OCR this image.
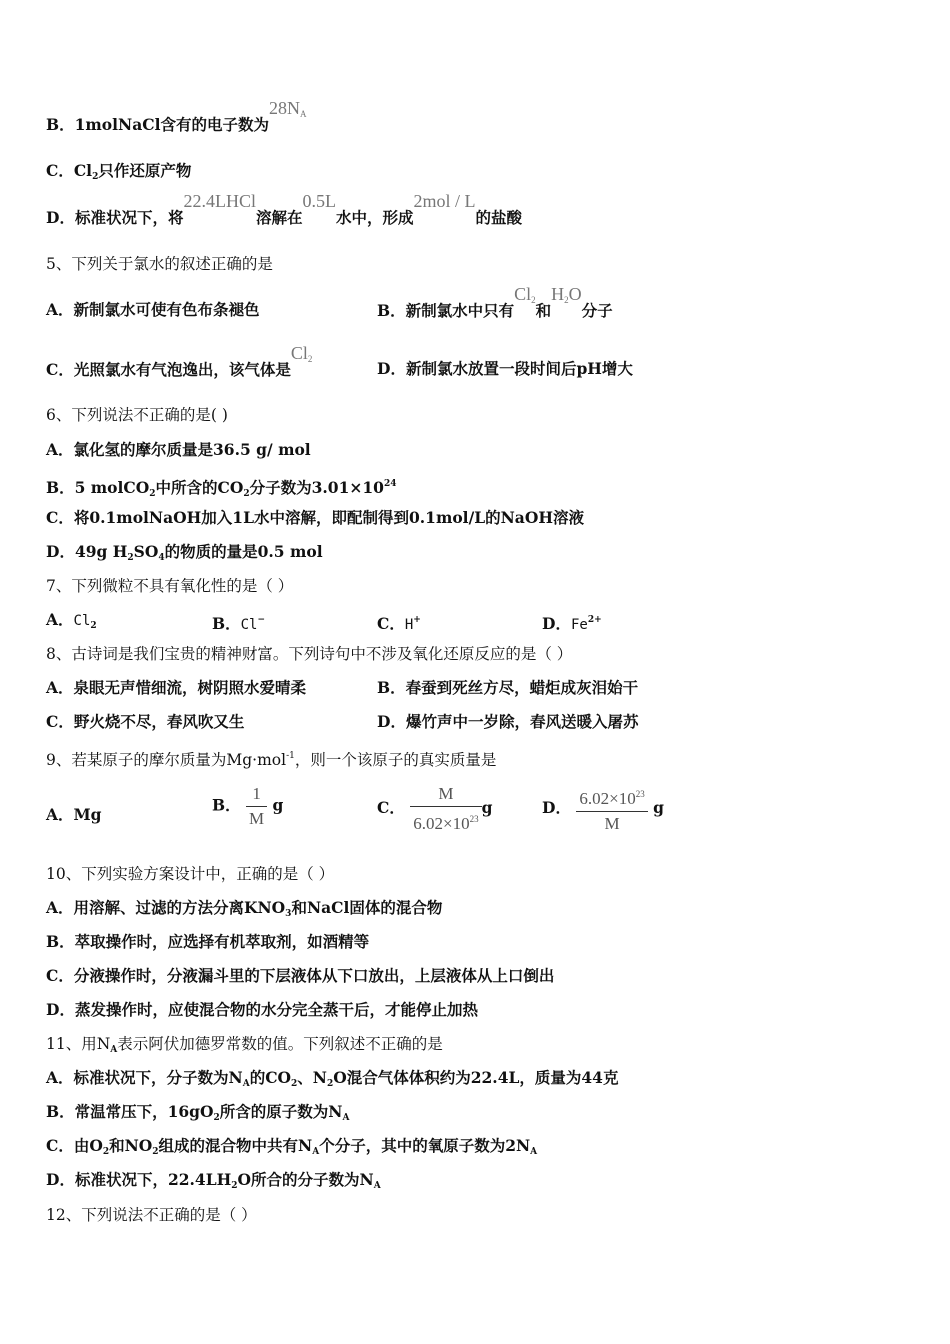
B．1molNaCl含有的电子数为$28N_A$
C．$Cl_2$只作还原产物
D．标准状况下，将22.4LHCl溶解在0.5L水中，形成2mol / L的盐酸
5、下列关于氯水的叙述正确的是
A．新制氯水可使有色布条褪色	B．新制氯水中只有$Cl_2$和$H_2O$分子
C．光照氯水有气泡逸出，该气体是$Cl_2$	D．新制氯水放置一段时间后pH增大
6、下列说法不正确的是( )
A．氯化氢的摩尔质量是36.5 g/ mol
B．5 molCO$_2$中所含的$CO_2$分子数为$3.01\times 10^{24}$
C．将0.1molNaOH加入1L水中溶解，即配制得到0.1mol/L的NaOH溶液
D．49g $H_2SO_4$的物质的量是0.5 mol
7、下列微粒不具有氧化性的是（ ）
A．$Cl_2$	B．Cl−	C．H+	D．$Fe^{2+}$
8、古诗词是我们宝贵的精神财富。下列诗句中不涉及氧化还原反应的是（ ）
A．泉眼无声惜细流，树阴照水爱晴柔	B．春蚕到死丝方尽，蜡炬成灰泪始干
C．野火烧不尽，春风吹又生	D．爆竹声中一岁除，春风送暖入屠苏
9、若某原子的摩尔质量为Mg·mol$^{-1}$，则一个该原子的真实质量是
A．Mg	B． $\frac{1}{M}$ g	C． $\frac{M}{6.02\times 10^{23}}$ g	D． $\frac{6.02\times 10^{23}}{M}$ g
10、下列实验方案设计中，正确的是（ ）
A．用溶解、过滤的方法分离$KNO_3$和NaCl固体的混合物
B．萃取操作时，应选择有机萃取剂，如酒精等
C．分液操作时，分液漏斗里的下层液体从下口放出，上层液体从上口倒出
D．蒸发操作时，应使混合物的水分完全蒸干后，才能停止加热
11、用$N_A$表示阿伏加德罗常数的值。下列叙述不正确的是
A．标准状况下，分子数为$N_A$的$CO_2$、$N_2O$混合气体体积约为22.4L，质量为44克
B．常温常压下，$16gO_2$所含的原子数为$N_A$
C．由$O_2$和$NO_2$组成的混合物中共有$N_A$个分子，其中的氧原子数为$2N_A$
D．标准状况下，$22.4LH_2O$所合的分子数为$N_A$
12、下列说法不正确的是（ ）
